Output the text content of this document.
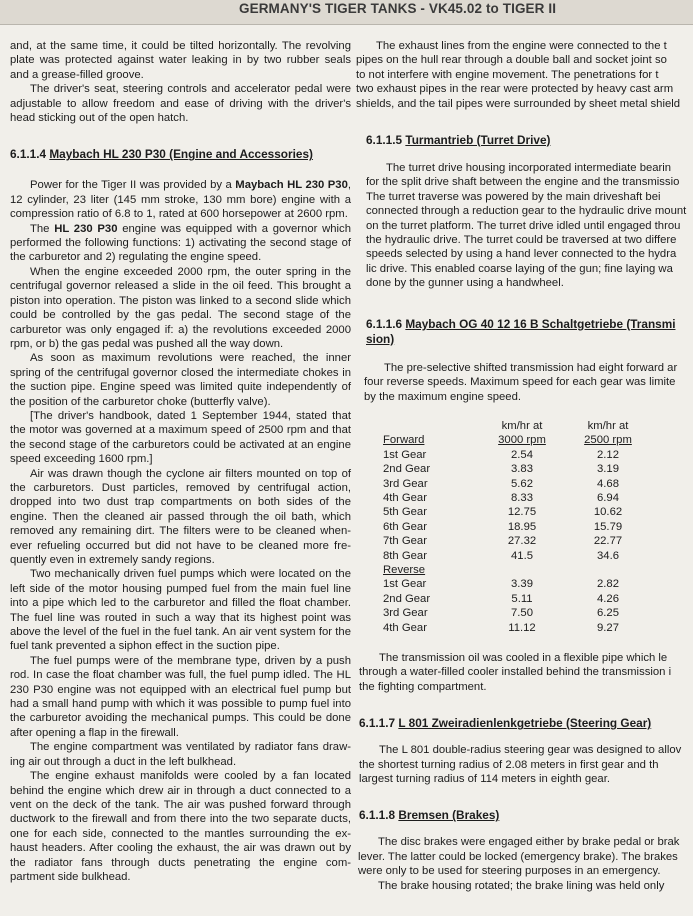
GERMANY'S TIGER TANKS - VK45.02 to TIGER II

and, at the same time, it could be tilted horizontally. The revolving plate was protected against water leaking in by two rubber seals and a grease-filled groove.

The driver's seat, steering controls and accelerator pedal were adjustable to allow freedom and ease of driving with the driver's head sticking out of the open hatch.

6.1.1.4 Maybach HL 230 P30 (Engine and Accessories)

Power for the Tiger II was provided by a Maybach HL 230 P30, 12 cylinder, 23 liter (145 mm stroke, 130 mm bore) engine with a compression ratio of 6.8 to 1, rated at 600 horsepower at 2600 rpm.

The HL 230 P30 engine was equipped with a governor which performed the following functions: 1) activating the second stage of the carburetor and 2) regulating the engine speed.

When the engine exceeded 2000 rpm, the outer spring in the centrifugal governor released a slide in the oil feed. This brought a piston into operation. The piston was linked to a second slide which could be controlled by the gas pedal. The second stage of the carburetor was only engaged if: a) the revolutions exceeded 2000 rpm, or b) the gas pedal was pushed all the way down.

As soon as maximum revolutions were reached, the inner spring of the centrifugal governor closed the intermediate chokes in the suction pipe. Engine speed was limited quite independently of the position of the carburetor choke (butterfly valve).

[The driver's handbook, dated 1 September 1944, stated that the motor was governed at a maximum speed of 2500 rpm and that the second stage of the carburetors could be activated at an engine speed exceeding 1600 rpm.]

Air was drawn though the cyclone air filters mounted on top of the carburetors. Dust particles, removed by centrifugal action, dropped into two dust trap compartments on both sides of the engine. Then the cleaned air passed through the oil bath, which removed any remaining dirt. The filters were to be cleaned when-ever refueling occurred but did not have to be cleaned more fre-quently even in extremely sandy regions.

Two mechanically driven fuel pumps which were located on the left side of the motor housing pumped fuel from the main fuel line into a pipe which led to the carburetor and filled the float chamber. The fuel line was routed in such a way that its highest point was above the level of the fuel in the fuel tank. An air vent system for the fuel tank prevented a siphon effect in the suction pipe.

The fuel pumps were of the membrane type, driven by a push rod. In case the float chamber was full, the fuel pump idled. The HL 230 P30 engine was not equipped with an electrical fuel pump but had a small hand pump with which it was possible to pump fuel into the carburetor avoiding the mechanical pumps. This could be done after opening a flap in the firewall.

The engine compartment was ventilated by radiator fans draw-ing air out through a duct in the left bulkhead.

The engine exhaust manifolds were cooled by a fan located behind the engine which drew air in through a duct connected to a vent on the deck of the tank. The air was pushed forward through ductwork to the firewall and from there into the two separate ducts, one for each side, connected to the mantles surrounding the ex-haust headers. After cooling the exhaust, the air was drawn out by the radiator fans through ducts penetrating the engine com-partment side bulkhead.

The exhaust lines from the engine were connected to the t

pipes on the hull rear through a double ball and socket joint so

to not interfere with engine movement. The penetrations for t

two exhaust pipes in the rear were protected by heavy cast arm

shields, and the tail pipes were surrounded by sheet metal shield

6.1.1.5 Turmantrieb (Turret Drive)

The turret drive housing incorporated intermediate bearin

for the split drive shaft between the engine and the transmissio

The turret traverse was powered by the main driveshaft bei

connected through a reduction gear to the hydraulic drive mount

on the turret platform. The turret drive idled until engaged throu

the hydraulic drive. The turret could be traversed at two differe

speeds selected by using a hand lever connected to the hydra

lic drive. This enabled coarse laying of the gun; fine laying wa

done by the gunner using a handwheel.

6.1.1.6 Maybach OG 40 12 16 B Schaltgetriebe (Transmi
sion)

The pre-selective shifted transmission had eight forward ar

four reverse speeds. Maximum speed for each gear was limite

by the maximum engine speed.

	km/hr at	km/hr at
Forward	3000 rpm	2500 rpm
1st Gear	2.54	2.12
2nd Gear	3.83	3.19
3rd Gear	5.62	4.68
4th Gear	8.33	6.94
5th Gear	12.75	10.62
6th Gear	18.95	15.79
7th Gear	27.32	22.77
8th Gear	41.5	34.6
Reverse		
1st Gear	3.39	2.82
2nd Gear	5.11	4.26
3rd Gear	7.50	6.25
4th Gear	11.12	9.27

The transmission oil was cooled in a flexible pipe which le

through a water-filled cooler installed behind the transmission i

the fighting compartment.

6.1.1.7 L 801 Zweiradienlenkgetriebe (Steering Gear)

The L 801 double-radius steering gear was designed to allov

the shortest turning radius of 2.08 meters in first gear and th

largest turning radius of 114 meters in eighth gear.

6.1.1.8 Bremsen (Brakes)

The disc brakes were engaged either by brake pedal or brak

lever. The latter could be locked (emergency brake). The brakes

were only to be used for steering purposes in an emergency.

The brake housing rotated; the brake lining was held only
